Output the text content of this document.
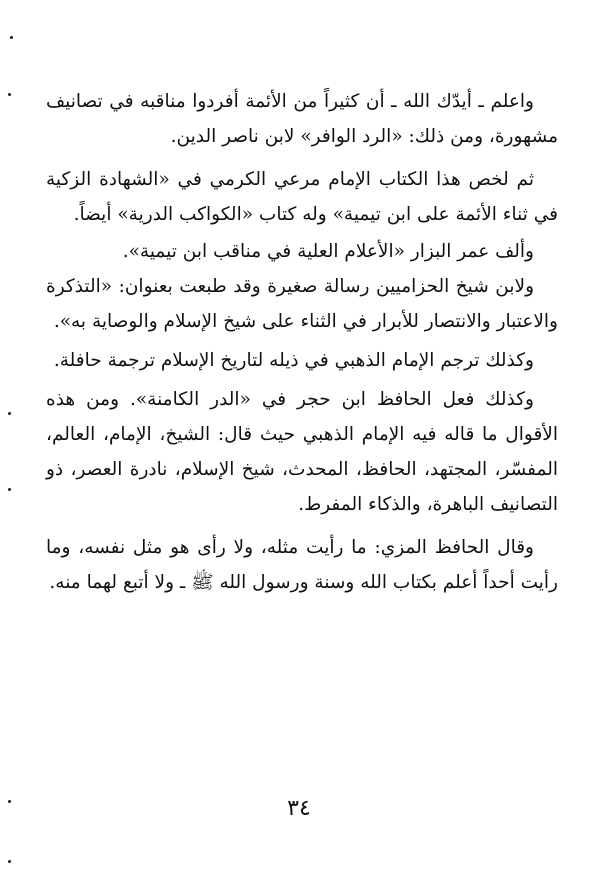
واعلم ـ أيدّك الله ـ أن كثيراً من الأئمة أفردوا مناقبه في تصانيف مشهورة، ومن ذلك: «الرد الوافر» لابن ناصر الدين.

ثم لخص هذا الكتاب الإمام مرعي الكرمي في «الشهادة الزكية في ثناء الأئمة على ابن تيمية» وله كتاب «الكواكب الدرية» أيضاً.

وألف عمر البزار «الأعلام العلية في مناقب ابن تيمية».

ولابن شيخ الحزاميين رسالة صغيرة وقد طبعت بعنوان: «التذكرة والاعتبار والانتصار للأبرار في الثناء على شيخ الإسلام والوصاية به».

وكذلك ترجم الإمام الذهبي في ذيله لتاريخ الإسلام ترجمة حافلة.

وكذلك فعل الحافظ ابن حجر في «الدر الكامنة». ومن هذه الأقوال ما قاله فيه الإمام الذهبي حيث قال: الشيخ، الإمام، العالم، المفسّر، المجتهد، الحافظ، المحدث، شيخ الإسلام، نادرة العصر، ذو التصانيف الباهرة، والذكاء المفرط.

وقال الحافظ المزي: ما رأيت مثله، ولا رأى هو مثل نفسه، وما رأيت أحداً أعلم بكتاب الله وسنة ورسول الله ﷺ ـ ولا أتبع لهما منه.

٣٤
